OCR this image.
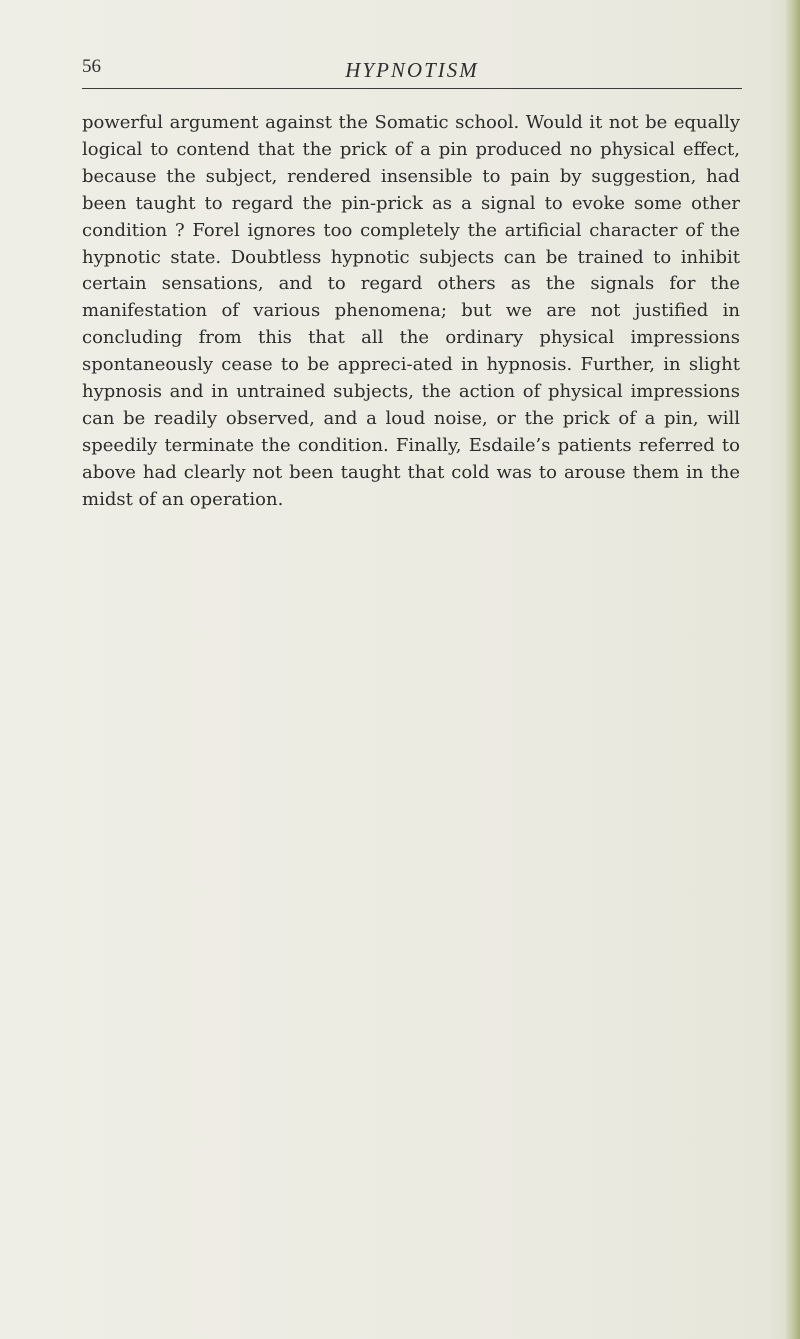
56	HYPNOTISM

powerful argument against the Somatic school. Would it not be equally logical to contend that the prick of a pin produced no physical effect, because the subject, rendered insensible to pain by suggestion, had been taught to regard the pin-prick as a signal to evoke some other condition ? Forel ignores too completely the artificial character of the hypnotic state. Doubtless hypnotic subjects can be trained to inhibit certain sensations, and to regard others as the signals for the manifestation of various phenomena; but we are not justified in concluding from this that all the ordinary physical impressions spontaneously cease to be appreci-ated in hypnosis. Further, in slight hypnosis and in untrained subjects, the action of physical impressions can be readily observed, and a loud noise, or the prick of a pin, will speedily terminate the condition. Finally, Esdaile’s patients referred to above had clearly not been taught that cold was to arouse them in the midst of an operation.
